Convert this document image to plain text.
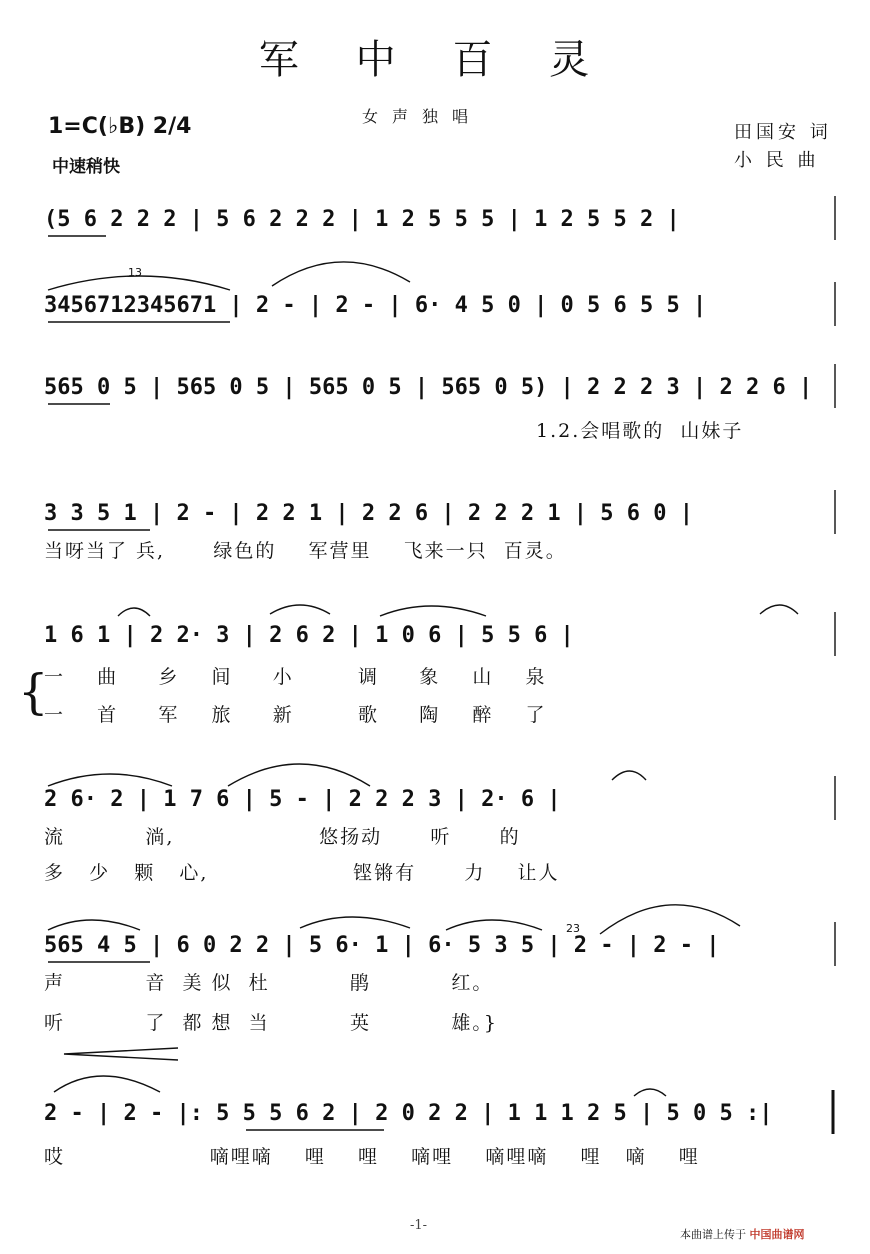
军 中 百 灵
女声独唱
1=C(♭B) 2/4
中速稍快
田国安 词
小 民 曲
(5 6 2 2 2 | 5 6 2 2 2 | 1 2 5 5 5 | 1 2 5 5 2 |
3456712345671 | 2 - | 2 - | 6· 4 5 0 | 0 5 6 5 5 |
565 0 5 | 565 0 5 | 565 0 5 | 565 0 5) | 2 2 2 3 | 2 2 6 |
3 3 5 1 | 2 - | 2 2 1 | 2 2 6 | 2 2 2 1 | 5 6 0 |
1 6 1 | 2 2· 3 | 2 6 2 | 1 0 6 | 5 5 6 |
2 6· 2 | 1 7 6 | 5 - | 2 2 2 3 | 2· 6 |
565 4 5 | 6 0 2 2 | 5 6· 1 | 6· 5 3 5 | 2 - | 2 - |
2 - | 2 - |: 5 5 5 6 2 | 2 0 2 2 | 1 1 1 2 5 | 5 0 5 :|
13
23
1.2.会唱歌的  山妹子
当呀当了 兵,      绿色的    军营里    飞来一只  百灵。
{
一    曲     乡    间     小        调     象    山    泉
一    首     军    旅     新        歌     陶    醉    了
流          淌,                  悠扬动      听      的
多   少   颗   心,                  铿锵有      力    让人
声          音  美 似  杜          鹃          红。
听          了  都 想  当          英          雄。}
哎                  嘀哩嘀    哩    哩    嘀哩    嘀哩嘀    哩   嘀    哩
-1-
本曲谱上传于 中国曲谱网
